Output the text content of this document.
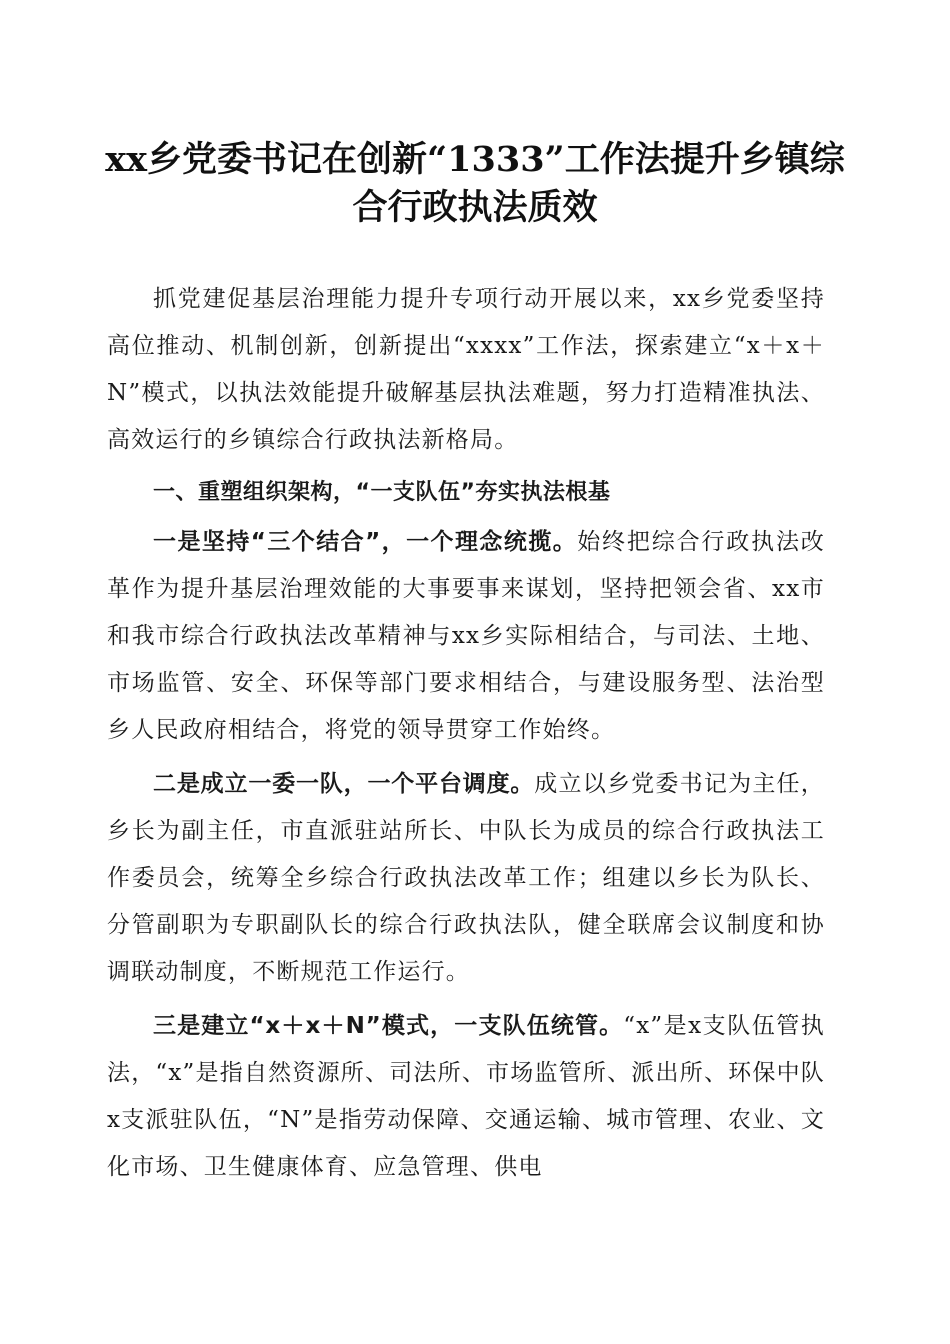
xx乡党委书记在创新“1333”工作法提升乡镇综合行政执法质效

抓党建促基层治理能力提升专项行动开展以来，xx乡党委坚持高位推动、机制创新，创新提出“xxxx”工作法，探索建立“x＋x＋N”模式，以执法效能提升破解基层执法难题，努力打造精准执法、高效运行的乡镇综合行政执法新格局。

一、重塑组织架构，“一支队伍”夯实执法根基

一是坚持“三个结合”，一个理念统揽。始终把综合行政执法改革作为提升基层治理效能的大事要事来谋划，坚持把领会省、xx市和我市综合行政执法改革精神与xx乡实际相结合，与司法、土地、市场监管、安全、环保等部门要求相结合，与建设服务型、法治型乡人民政府相结合，将党的领导贯穿工作始终。

二是成立一委一队，一个平台调度。成立以乡党委书记为主任，乡长为副主任，市直派驻站所长、中队长为成员的综合行政执法工作委员会，统筹全乡综合行政执法改革工作；组建以乡长为队长、分管副职为专职副队长的综合行政执法队，健全联席会议制度和协调联动制度，不断规范工作运行。

三是建立“x＋x＋N”模式，一支队伍统管。“x”是x支队伍管执法，“x”是指自然资源所、司法所、市场监管所、派出所、环保中队x支派驻队伍，“N”是指劳动保障、交通运输、城市管理、农业、文化市场、卫生健康体育、应急管理、供电
